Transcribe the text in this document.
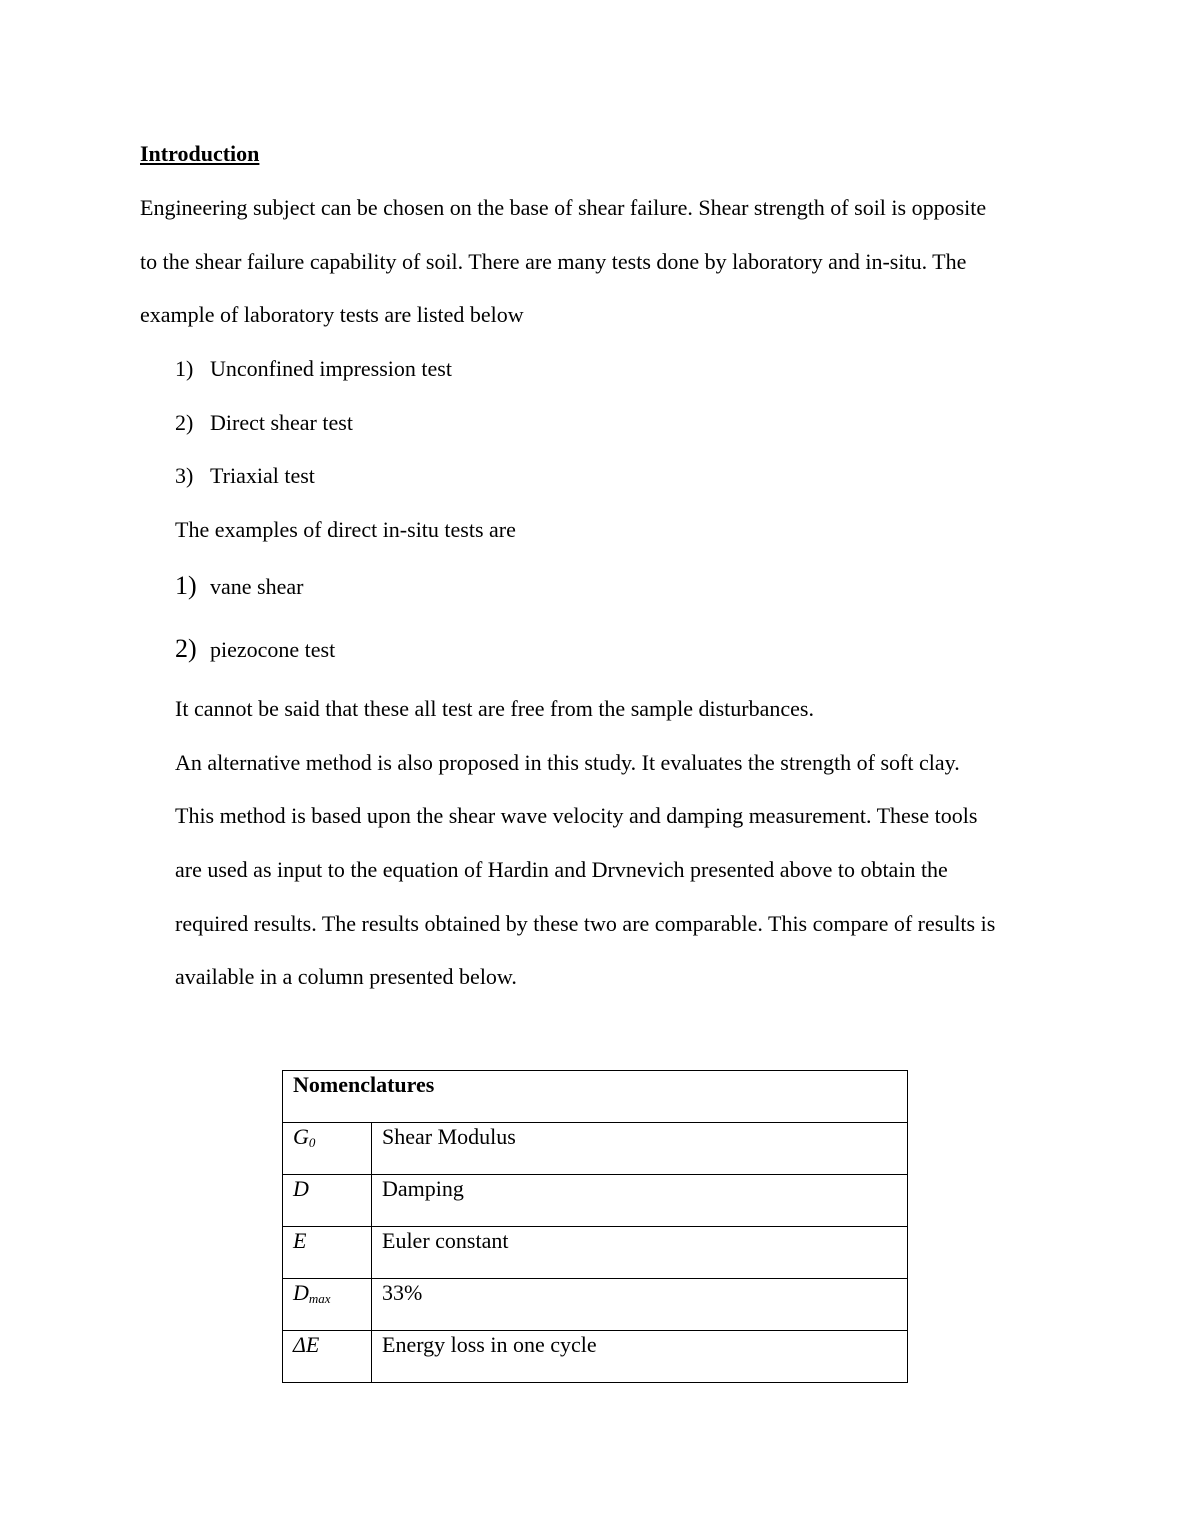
Introduction
Engineering subject can be chosen on the base of shear failure. Shear strength of soil is opposite
to the shear failure capability of soil. There are many tests done by laboratory and in-situ. The
example of laboratory tests are listed below
1) Unconfined impression test
2) Direct shear test
3) Triaxial test
The examples of direct in-situ tests are
1) vane shear
2) piezocone test
It cannot be said that these all test are free from the sample disturbances.
An alternative method is also proposed in this study. It evaluates the strength of soft clay.
This method is based upon the shear wave velocity and damping measurement. These tools
are used as input to the equation of Hardin and Drvnevich presented above to obtain the
required results. The results obtained by these two are comparable. This compare of results is
available in a column presented below.
Nomenclatures	
$G_0$	Shear Modulus
D	Damping
E	Euler constant
$D_{max}$	33%
ΔE	Energy loss in one cycle
